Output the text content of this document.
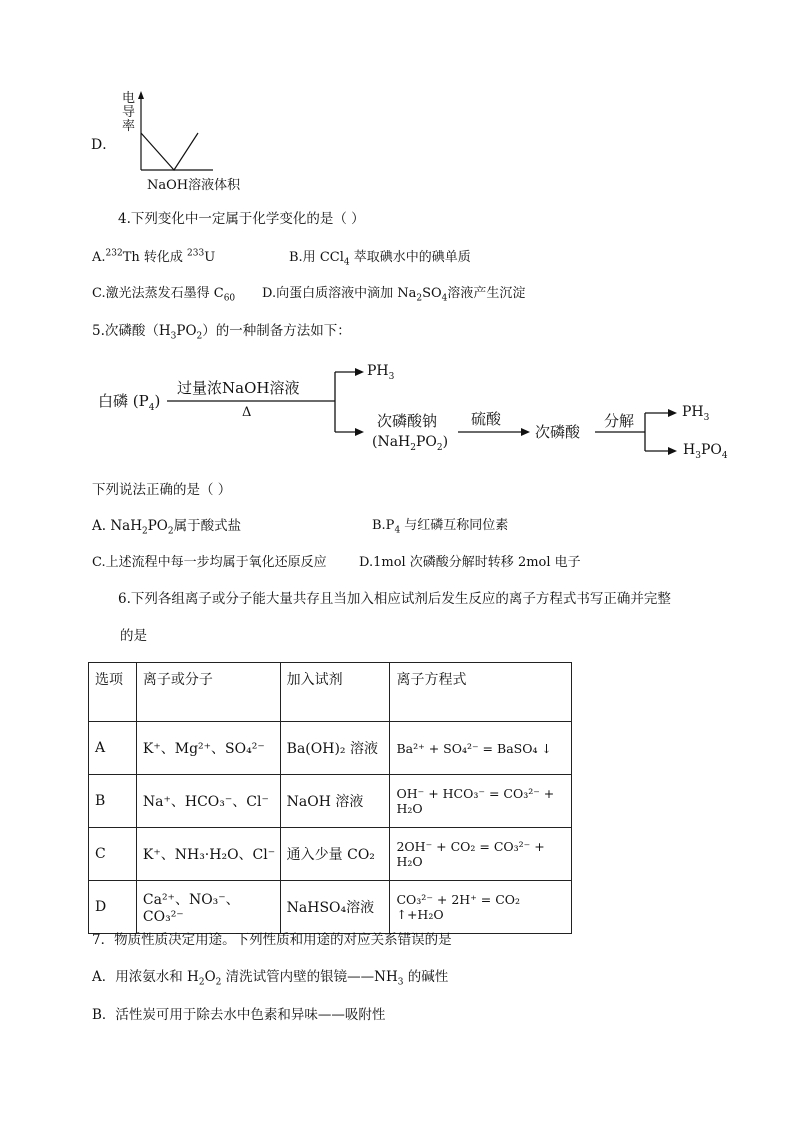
D．
电
导
率
NaOH溶液体积
4.下列变化中一定属于化学变化的是（ ）
A.$^{232}$Th 转化成 $^{233}$U	B.用 CCl$_4$ 萃取碘水中的碘单质
C.激光法蒸发石墨得 $C_{60}$ D.向蛋白质溶液中滴加 $Na_2SO_4$溶液产生沉淀
5.次磷酸$(H_3PO_2)$的一种制备方法如下：
白磷 $(P_4)$
过量浓NaOH溶液
Δ
$PH_3$
次磷酸钠
$(NaH_2PO_2)$
硫酸
次磷酸
分解	$PH_3$
$H_3PO_4$
下列说法正确的是（ ）
A. $NaH_2PO_2$属于酸式盐	$B.P_4$ 与红磷互称同位素
C.上述流程中每一步均属于氧化还原反应 D.1mol 次磷酸分解时转移 2mol 电子
6.下列各组离子或分子能大量共存且当加入相应试剂后发生反应的离子方程式书写正确并完整
的是
选项	离子或分子	加入试剂	离子方程式
A	K⁺、Mg²⁺、SO₄²⁻	Ba(OH)₂ 溶液	Ba²⁺ + SO₄²⁻ = BaSO₄ ↓
B	Na⁺、HCO₃⁻、Cl⁻	NaOH 溶液	OH⁻ + HCO₃⁻ = CO₃²⁻ + H₂O
C	K⁺、NH₃·H₂O、Cl⁻	通入少量 CO₂	2OH⁻ + CO₂ = CO₃²⁻ + H₂O
D	Ca²⁺、NO₃⁻、CO₃²⁻	NaHSO₄溶液	CO₃²⁻ + 2H⁺ = CO₂ ↑+H₂O
7．物质性质决定用途。下列性质和用途的对应关系错误的是
A．用浓氨水和 $H_2O_2$ 清洗试管内壁的银镜$——NH_3$ 的碱性
B．活性炭可用于除去水中色素和异味——吸附性
